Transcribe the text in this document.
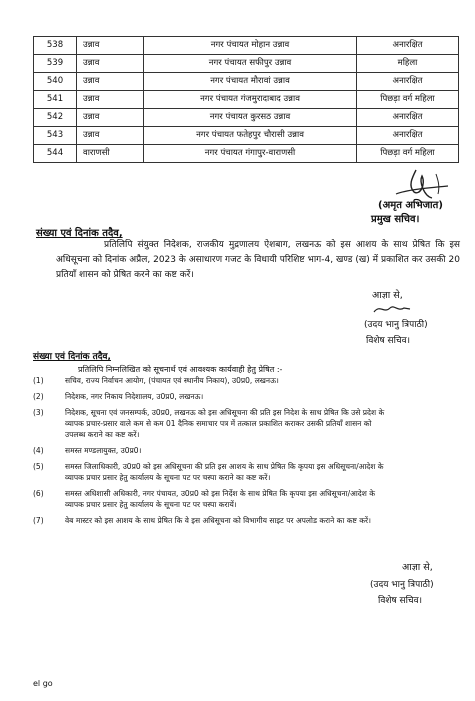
538	उन्नाव	नगर पंचायत मोहान उन्नाव	अनारक्षित
539	उन्नाव	नगर पंचायत सफीपुर उन्नाव	महिला
540	उन्नाव	नगर पंचायत मौरावां उन्नाव	अनारक्षित
541	उन्नाव	नगर पंचायत गंजमुरादाबाद उन्नाव	पिछड़ा वर्ग महिला
542	उन्नाव	नगर पंचायत कुरसठ उन्नाव	अनारक्षित
543	उन्नाव	नगर पंचायत फतेहपुर चौरासी उन्नाव	अनारक्षित
544	वाराणसी	नगर पंचायत गंगापुर-वाराणसी	पिछड़ा वर्ग महिला
(अमृत अभिजात)
प्रमुख सचिव।
संख्या एवं दिनांक तदैव,
प्रतिलिपि संयुक्त निदेशक, राजकीय मुद्रणालय ऐशबाग, लखनऊ को इस आशय के साथ प्रेषित कि इस अधिसूचना को दिनांक अप्रैल, 2023 के असाधारण गजट के विधायी परिशिष्ट भाग-4, खण्ड (ख) में प्रकाशित कर उसकी 20 प्रतियाँ शासन को प्रेषित करने का कष्ट करें।
आज्ञा से,
(उदय भानु त्रिपाठी)
विशेष सचिव।
संख्या एवं दिनांक तदैव,
प्रतिलिपि निम्नलिखित को सूचनार्थ एवं आवश्यक कार्यवाही हेतु प्रेषित :-
(1)	सचिव, राज्य निर्वाचन आयोग, (पंचायत एवं स्थानीय निकाय), उ0प्र0, लखनऊ।
(2)	निदेशक, नगर निकाय निदेशालय, उ0प्र0, लखनऊ।
(3)	निदेशक, सूचना एवं जनसम्पर्क, उ0प्र0, लखनऊ को इस अधिसूचना की प्रति इस निदेश के साथ प्रेषित कि उसे प्रदेश के
व्यापक प्रचार-प्रसार वाले कम से कम 01 दैनिक समाचार पत्र में तत्काल प्रकाशित कराकर उसकी प्रतियाँ शासन को
उपलब्ध कराने का कष्ट करें।
(4)	समस्त मण्डलायुक्त, उ0प्र0।
(5)	समस्त जिलाधिकारी, उ0प्र0 को इस अधिसूचना की प्रति इस आशय के साथ प्रेषित कि कृपया इस अधिसूचना/आदेश के
व्यापक प्रचार प्रसार हेतु कार्यालय के सूचना पट पर चस्पा कराने का कष्ट करें।
(6)	समस्त अधिशासी अधिकारी, नगर पंचायत, उ0प्र0 को इस निर्देश के साथ प्रेषित कि कृपया इस अधिसूचना/आदेश के
व्यापक प्रचार प्रसार हेतु कार्यालय के सूचना पट पर चस्पा करायें।
(7)	वेब मास्टर को इस आशय के साथ प्रेषित कि वे इस अधिसूचना को विभागीय साइट पर अपलोड कराने का कष्ट करें।
आज्ञा से,
(उदय भानु त्रिपाठी)
विशेष सचिव।
el go
